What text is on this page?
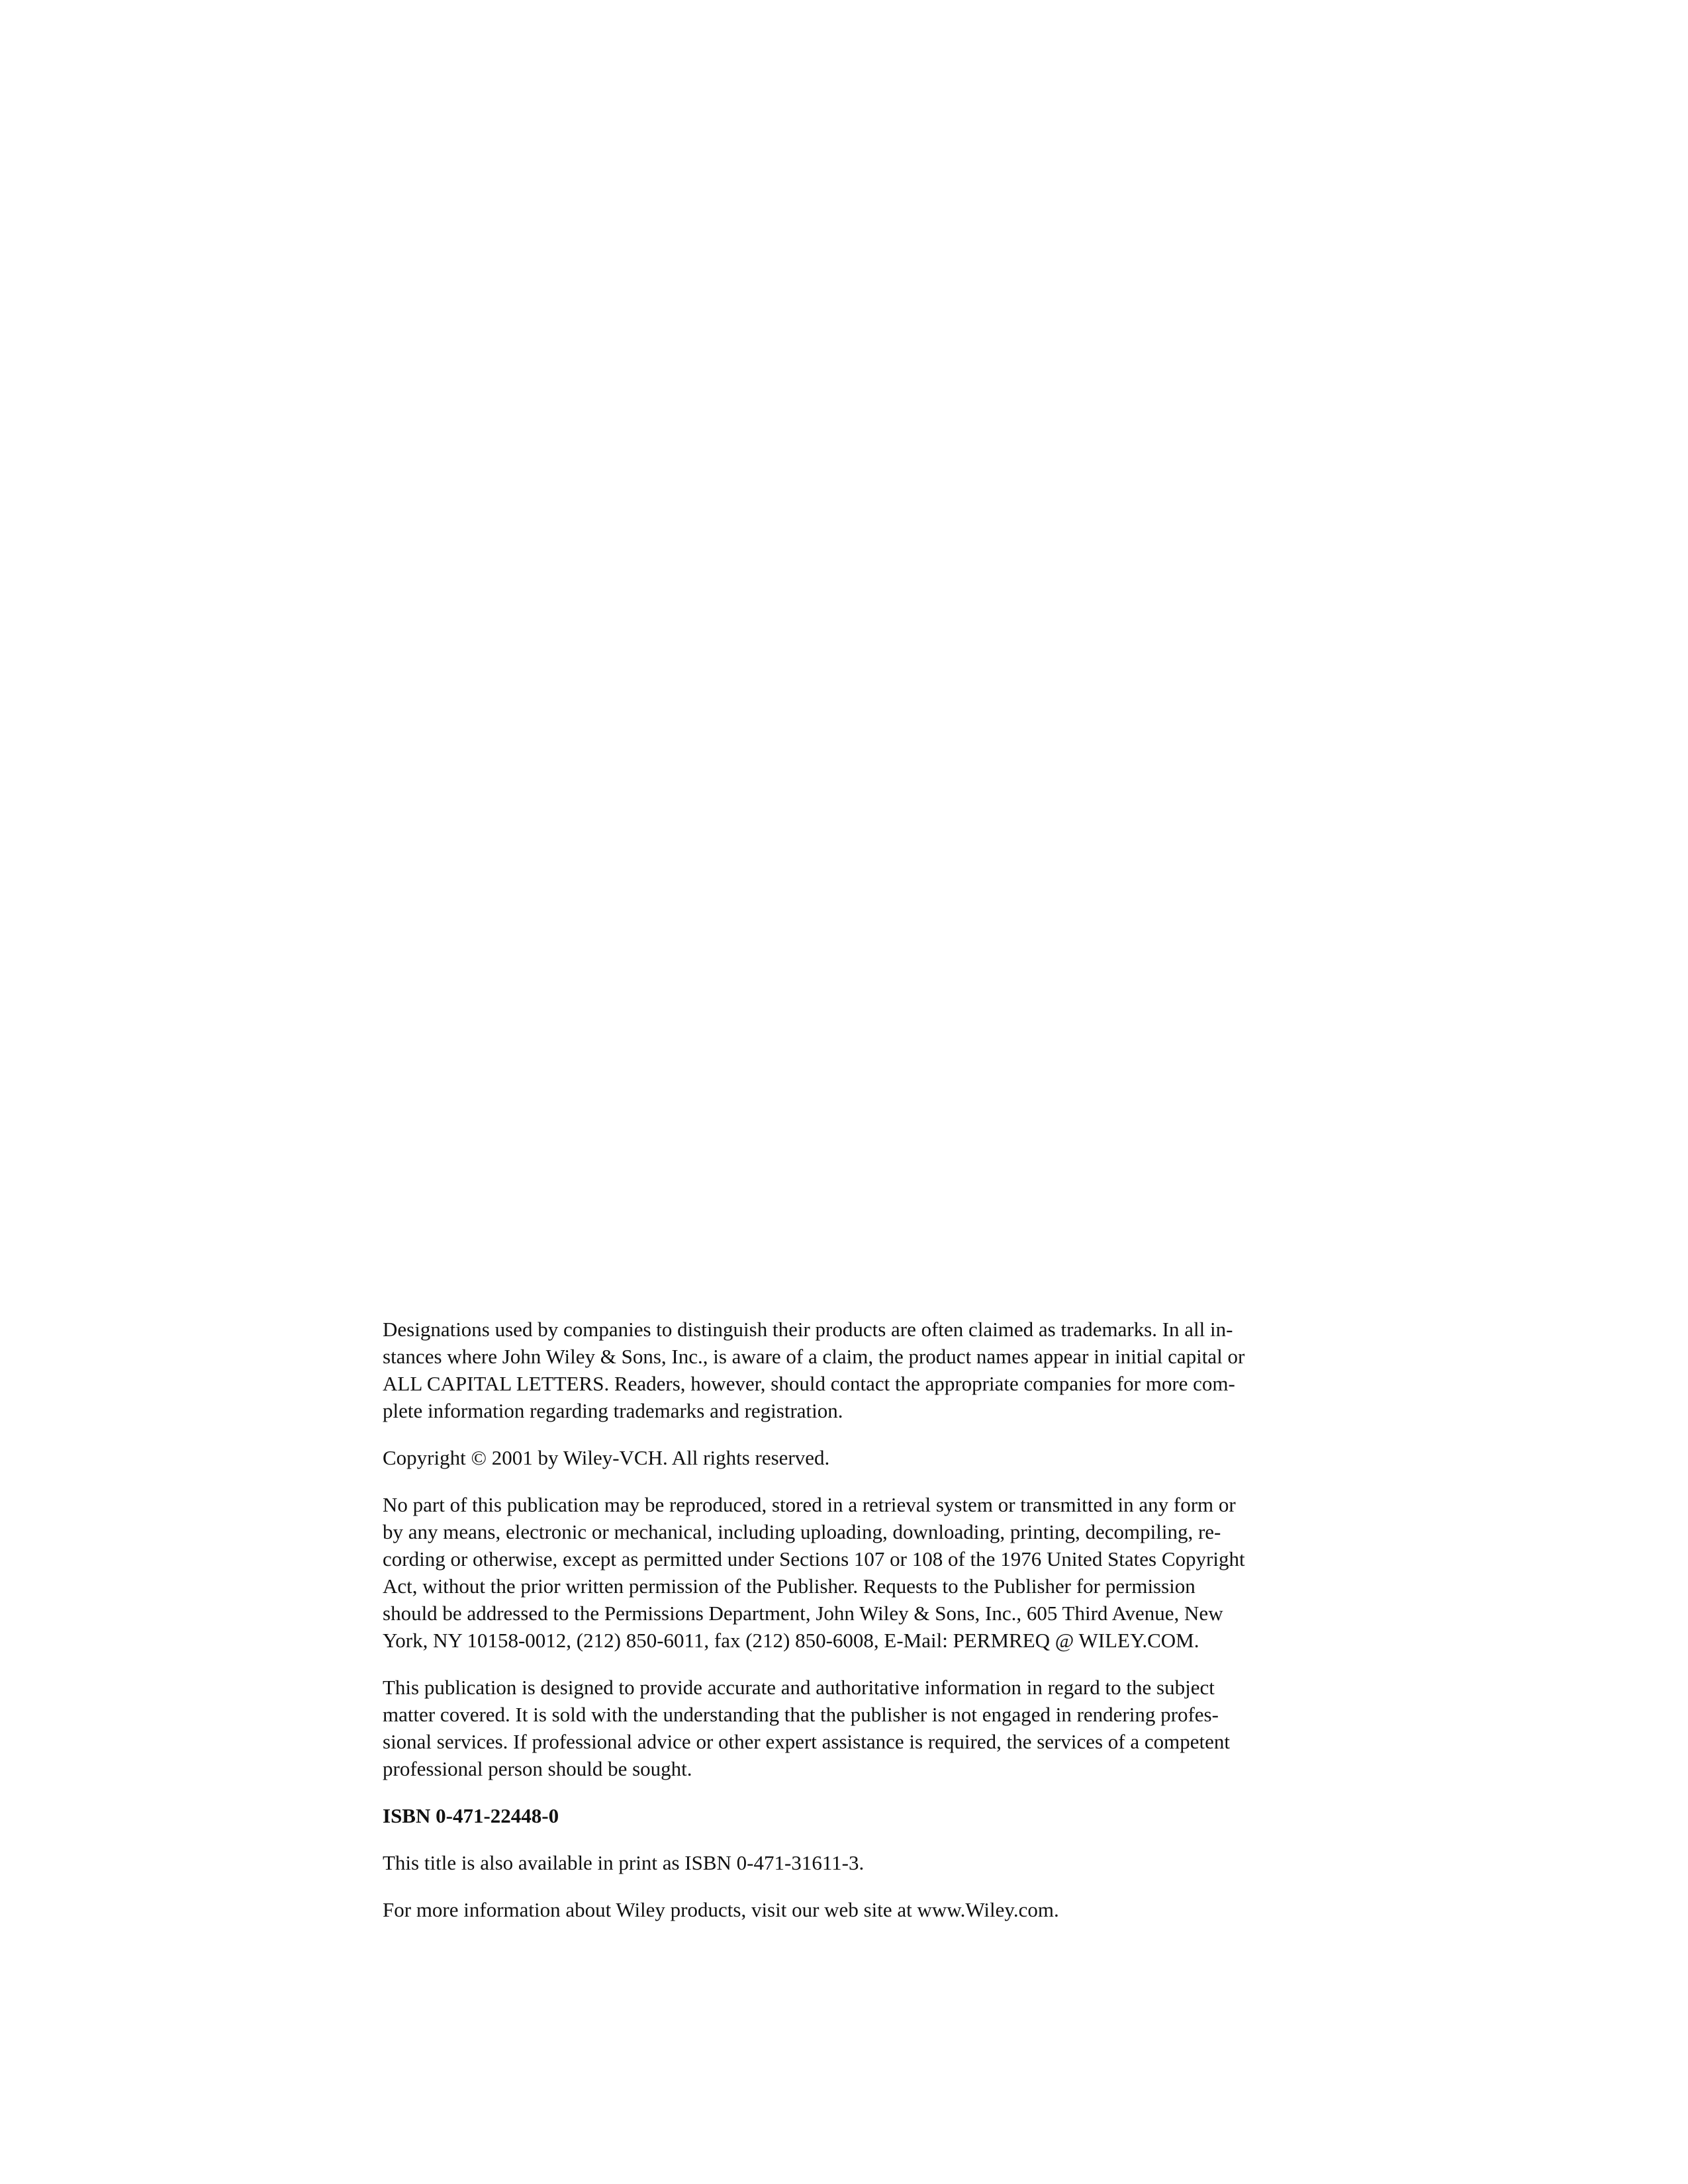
Designations used by companies to distinguish their products are often claimed as trademarks. In all in-
stances where John Wiley & Sons, Inc., is aware of a claim, the product names appear in initial capital or
ALL CAPITAL LETTERS. Readers, however, should contact the appropriate companies for more com-
plete information regarding trademarks and registration.

Copyright © 2001 by Wiley-VCH. All rights reserved.

No part of this publication may be reproduced, stored in a retrieval system or transmitted in any form or
by any means, electronic or mechanical, including uploading, downloading, printing, decompiling, re-
cording or otherwise, except as permitted under Sections 107 or 108 of the 1976 United States Copyright
Act, without the prior written permission of the Publisher. Requests to the Publisher for permission
should be addressed to the Permissions Department, John Wiley & Sons, Inc., 605 Third Avenue, New
York, NY 10158-0012, (212) 850-6011, fax (212) 850-6008, E-Mail: PERMREQ @ WILEY.COM.

This publication is designed to provide accurate and authoritative information in regard to the subject
matter covered. It is sold with the understanding that the publisher is not engaged in rendering profes-
sional services. If professional advice or other expert assistance is required, the services of a competent
professional person should be sought.

ISBN 0-471-22448-0

This title is also available in print as ISBN 0-471-31611-3.

For more information about Wiley products, visit our web site at www.Wiley.com.
